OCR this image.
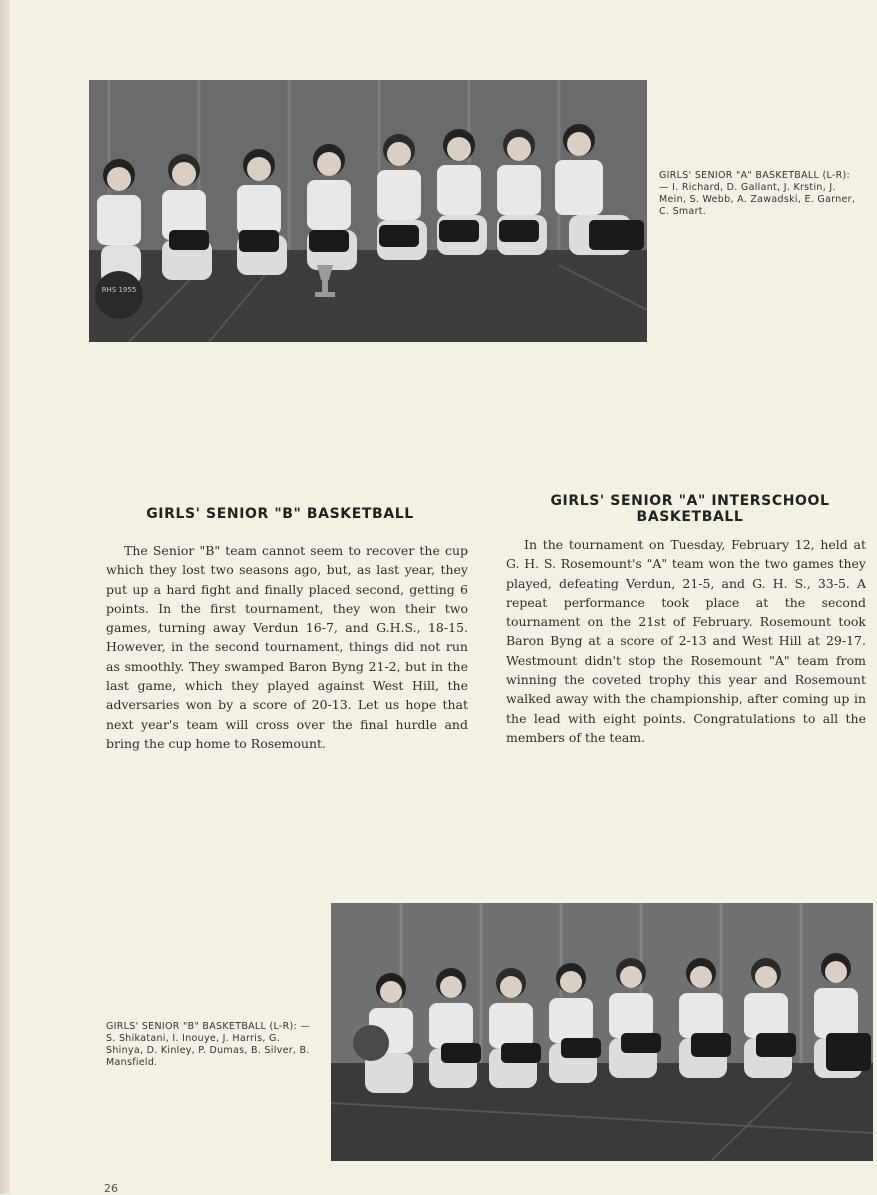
RHS 1955
GIRLS' SENIOR "A" BASKETBALL (L-R): — I. Richard, D. Gallant, J. Krstin, J. Mein, S. Webb, A. Zawadski, E. Garner, C. Smart.
GIRLS' SENIOR "B" BASKETBALL
The Senior "B" team cannot seem to recover the cup which they lost two seasons ago, but, as last year, they put up a hard fight and finally placed second, getting 6 points. In the first tournament, they won their two games, turning away Verdun 16-7, and G.H.S., 18-15. However, in the second tournament, things did not run as smoothly. They swamped Baron Byng 21-2, but in the last game, which they played against West Hill, the adversaries won by a score of 20-13. Let us hope that next year's team will cross over the final hurdle and bring the cup home to Rosemount.
GIRLS' SENIOR "A" INTERSCHOOL
BASKETBALL
In the tournament on Tuesday, February 12, held at G. H. S. Rosemount's "A" team won the two games they played, defeating Verdun, 21-5, and G. H. S., 33-5. A repeat performance took place at the second tournament on the 21st of February. Rosemount took Baron Byng at a score of 2-13 and West Hill at 29-17. Westmount didn't stop the Rosemount "A" team from winning the coveted trophy this year and Rosemount walked away with the championship, after coming up in the lead with eight points. Congratulations to all the members of the team.
GIRLS' SENIOR "B" BASKETBALL (L-R): — S. Shikatani, I. Inouye, J. Harris, G. Shinya, D. Kinley, P. Dumas, B. Silver, B. Mansfield.
26
